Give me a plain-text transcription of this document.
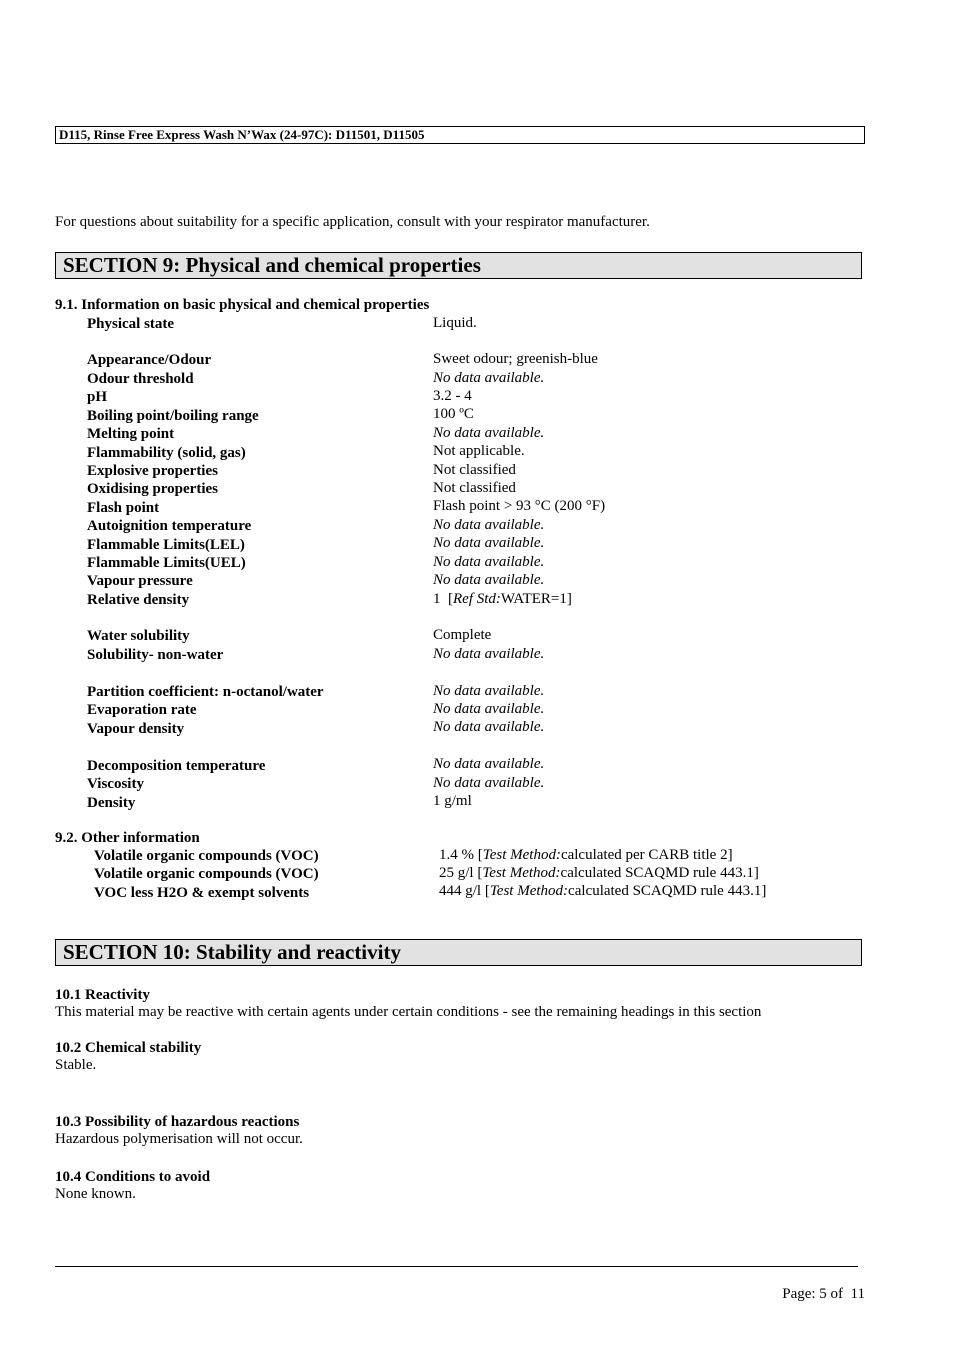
D115, Rinse Free Express Wash N’Wax (24-97C): D11501, D11505
For questions about suitability for a specific application, consult with your respirator manufacturer.
SECTION 9: Physical and chemical properties
9.1. Information on basic physical and chemical properties
Physical state	Liquid.
Appearance/Odour	Sweet odour; greenish-blue
Odour threshold	No data available.
pH	3.2 - 4
Boiling point/boiling range	100 ºC
Melting point	No data available.
Flammability (solid, gas)	Not applicable.
Explosive properties	Not classified
Oxidising properties	Not classified
Flash point	Flash point > 93 °C (200 °F)
Autoignition temperature	No data available.
Flammable Limits(LEL)	No data available.
Flammable Limits(UEL)	No data available.
Vapour pressure	No data available.
Relative density	1  [Ref Std:WATER=1]
Water solubility	Complete
Solubility- non-water	No data available.
Partition coefficient: n-octanol/water	No data available.
Evaporation rate	No data available.
Vapour density	No data available.
Decomposition temperature	No data available.
Viscosity	No data available.
Density	1 g/ml
9.2. Other information
Volatile organic compounds (VOC)	1.4 % [Test Method:calculated per CARB title 2]
Volatile organic compounds (VOC)	25 g/l [Test Method:calculated SCAQMD rule 443.1]
VOC less H2O & exempt solvents	444 g/l [Test Method:calculated SCAQMD rule 443.1]
SECTION 10: Stability and reactivity
10.1 Reactivity
This material may be reactive with certain agents under certain conditions - see the remaining headings in this section
10.2 Chemical stability
Stable.
10.3 Possibility of hazardous reactions
Hazardous polymerisation will not occur.
10.4 Conditions to avoid
None known.
Page: 5 of  11
